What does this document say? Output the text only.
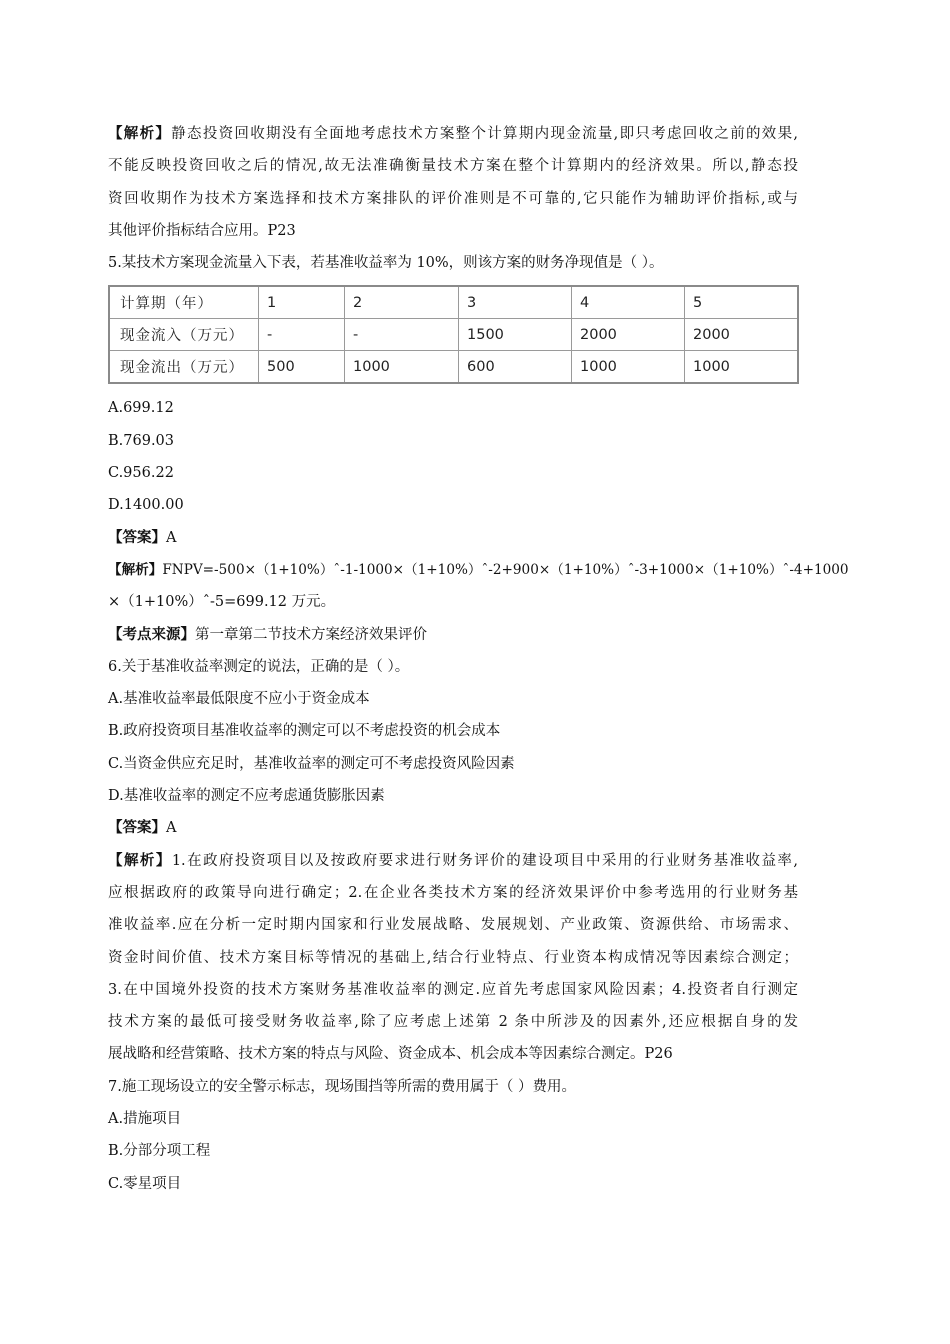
【解析】静态投资回收期没有全面地考虑技术方案整个计算期内现金流量,即只考虑回收之前的效果,
不能反映投资回收之后的情况,故无法准确衡量技术方案在整个计算期内的经济效果。所以,静态投
资回收期作为技术方案选择和技术方案排队的评价准则是不可靠的,它只能作为辅助评价指标,或与
其他评价指标结合应用。P23
5.某技术方案现金流量入下表，若基准收益率为 10%，则该方案的财务净现值是（ ）。
计算期（年）	1	2	3	4	5
现金流入（万元）	-	-	1500	2000	2000
现金流出（万元）	500	1000	600	1000	1000
A.699.12
B.769.03
C.956.22
D.1400.00
【答案】A
【解析】FNPV=-500×（1+10%）ˆ-1-1000×（1+10%）ˆ-2+900×（1+10%）ˆ-3+1000×（1+10%）ˆ-4+1000
×（1+10%）ˆ-5=699.12 万元。
【考点来源】第一章第二节技术方案经济效果评价
6.关于基准收益率测定的说法，正确的是（ ）。
A.基准收益率最低限度不应小于资金成本
B.政府投资项目基准收益率的测定可以不考虑投资的机会成本
C.当资金供应充足时，基准收益率的测定可不考虑投资风险因素
D.基准收益率的测定不应考虑通货膨胀因素
【答案】A
【解析】1.在政府投资项目以及按政府要求进行财务评价的建设项目中采用的行业财务基准收益率,
应根据政府的政策导向进行确定；2.在企业各类技术方案的经济效果评价中参考选用的行业财务基
准收益率.应在分析一定时期内国家和行业发展战略、发展规划、产业政策、资源供给、市场需求、
资金时间价值、技术方案目标等情况的基础上,结合行业特点、行业资本构成情况等因素综合测定；
3.在中国境外投资的技术方案财务基准收益率的测定.应首先考虑国家风险因素；4.投资者自行测定
技术方案的最低可接受财务收益率,除了应考虑上述第 2 条中所涉及的因素外,还应根据自身的发
展战略和经营策略、技术方案的特点与风险、资金成本、机会成本等因素综合测定。P26
7.施工现场设立的安全警示标志，现场围挡等所需的费用属于（ ）费用。
A.措施项目
B.分部分项工程
C.零星项目
